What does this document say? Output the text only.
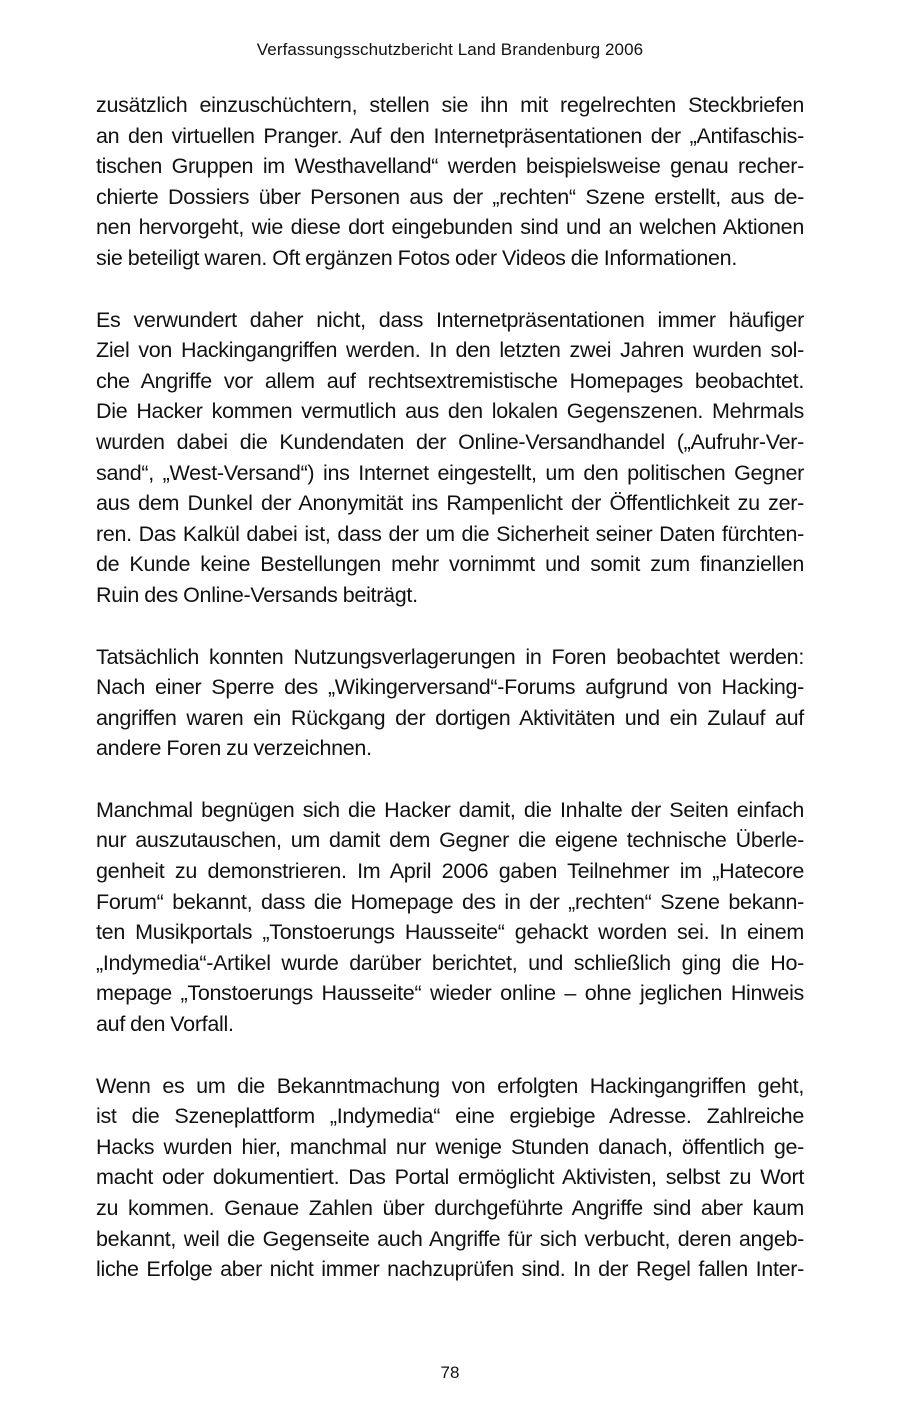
Verfassungsschutzbericht Land Brandenburg 2006

zusätzlich einzuschüchtern, stellen sie ihn mit regelrechten Steckbriefen
an den virtuellen Pranger. Auf den Internetpräsentationen der „Antifaschis-
tischen Gruppen im Westhavelland“ werden beispielsweise genau recher-
chierte Dossiers über Personen aus der „rechten“ Szene erstellt, aus de-
nen hervorgeht, wie diese dort eingebunden sind und an welchen Aktionen
sie beteiligt waren. Oft ergänzen Fotos oder Videos die Informationen.

Es verwundert daher nicht, dass Internetpräsentationen immer häufiger
Ziel von Hackingangriffen werden. In den letzten zwei Jahren wurden sol-
che Angriffe vor allem auf rechtsextremistische Homepages beobachtet.
Die Hacker kommen vermutlich aus den lokalen Gegenszenen. Mehrmals
wurden dabei die Kundendaten der Online-Versandhandel („Aufruhr-Ver-
sand“, „West-Versand“) ins Internet eingestellt, um den politischen Gegner
aus dem Dunkel der Anonymität ins Rampenlicht der Öffentlichkeit zu zer-
ren. Das Kalkül dabei ist, dass der um die Sicherheit seiner Daten fürchten-
de Kunde keine Bestellungen mehr vornimmt und somit zum finanziellen
Ruin des Online-Versands beiträgt.

Tatsächlich konnten Nutzungsverlagerungen in Foren beobachtet werden:
Nach einer Sperre des „Wikingerversand“-Forums aufgrund von Hacking-
angriffen waren ein Rückgang der dortigen Aktivitäten und ein Zulauf auf
andere Foren zu verzeichnen.

Manchmal begnügen sich die Hacker damit, die Inhalte der Seiten einfach
nur auszutauschen, um damit dem Gegner die eigene technische Überle-
genheit zu demonstrieren. Im April 2006 gaben Teilnehmer im „Hatecore
Forum“ bekannt, dass die Homepage des in der „rechten“ Szene bekann-
ten Musikportals „Tonstoerungs Hausseite“ gehackt worden sei. In einem
„Indymedia“-Artikel wurde darüber berichtet, und schließlich ging die Ho-
mepage „Tonstoerungs Hausseite“ wieder online – ohne jeglichen Hinweis
auf den Vorfall.

Wenn es um die Bekanntmachung von erfolgten Hackingangriffen geht,
ist die Szeneplattform „Indymedia“ eine ergiebige Adresse. Zahlreiche
Hacks wurden hier, manchmal nur wenige Stunden danach, öffentlich ge-
macht oder dokumentiert. Das Portal ermöglicht Aktivisten, selbst zu Wort
zu kommen. Genaue Zahlen über durchgeführte Angriffe sind aber kaum
bekannt, weil die Gegenseite auch Angriffe für sich verbucht, deren angeb-
liche Erfolge aber nicht immer nachzuprüfen sind. In der Regel fallen Inter-

78
